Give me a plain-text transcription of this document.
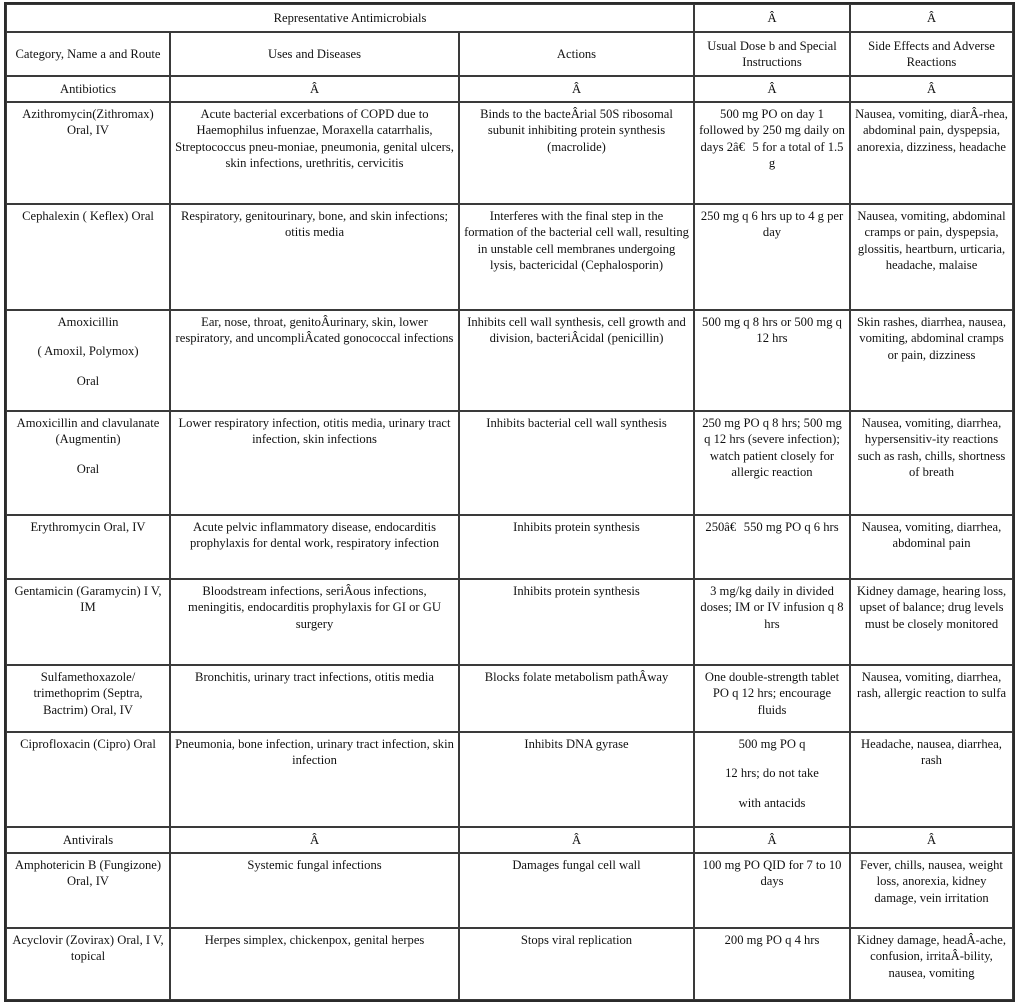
Representative Antimicrobials			Â	Â
Category, Name a and Route	Uses and Diseases	Actions	Usual Dose b and Special Instructions	Side Effects and Adverse Reactions
Antibiotics	Â	Â	Â	Â
Azithromycin(Zithromax) Oral, IV	Acute bacterial excerbations of COPD due to Haemophilus infuenzae, Moraxella catarrhalis, Streptococcus pneu-moniae, pneumonia, genital ulcers, skin infections, urethritis, cervicitis	Binds to the bacteÂrial 50S ribosomal subunit inhibiting protein synthesis (macrolide)	500 mg PO on day 1 followed by 250 mg daily on days 2â€5 for a total of 1.5 g	Nausea, vomiting, diarÂ-rhea, abdominal pain, dyspepsia, anorexia, dizziness, headache
Cephalexin ( Keflex) Oral	Respiratory, genitourinary, bone, and skin infections; otitis media	Interferes with the final step in the formation of the bacterial cell wall, resulting in unstable cell membranes undergoing lysis, bactericidal (Cephalosporin)	250 mg q 6 hrs up to 4 g per day	Nausea, vomiting, abdominal cramps or pain, dyspepsia, glossitis, heartburn, urticaria, headache, malaise

Amoxicillin

( Amoxil, Polymox)

Oral	Ear, nose, throat, genitoÂurinary, skin, lower respiratory, and uncompliÂcated gonococcal infections	Inhibits cell wall synthesis, cell growth and division, bacteriÂcidal (penicillin)	500 mg q 8 hrs or 500 mg q 12 hrs	Skin rashes, diarrhea, nausea, vomiting, abdominal cramps or pain, dizziness

Amoxicillin and clavulanate (Augmentin)

Oral	Lower respiratory infection, otitis media, urinary tract infection, skin infections	Inhibits bacterial cell wall synthesis	250 mg PO q 8 hrs; 500 mg q 12 hrs (severe infection); watch patient closely for allergic reaction	Nausea, vomiting, diarrhea, hypersensitiv-ity reactions such as rash, chills, shortness of breath
Erythromycin Oral, IV	Acute pelvic inflammatory disease, endocarditis prophylaxis for dental work, respiratory infection	Inhibits protein synthesis	250â€550 mg PO q 6 hrs	Nausea, vomiting, diarrhea, abdominal pain
Gentamicin (Garamycin) I V, IM	Bloodstream infections, seriÂous infections, meningitis, endocarditis prophylaxis for GI or GU surgery	Inhibits protein synthesis	3 mg/kg daily in divided doses; IM or IV infusion q 8 hrs	Kidney damage, hearing loss, upset of balance; drug levels must be closely monitored
Sulfamethoxazole/ trimethoprim (Septra, Bactrim) Oral, IV	Bronchitis, urinary tract infections, otitis media	Blocks folate metabolism pathÂway	One double-strength tablet PO q 12 hrs; encourage fluids	Nausea, vomiting, diarrhea, rash, allergic reaction to sulfa
Ciprofloxacin (Cipro) Oral	Pneumonia, bone infection, urinary tract infection, skin infection	Inhibits DNA gyrase	500 mg PO q

12 hrs; do not take

with antacids	Headache, nausea, diarrhea, rash
Antivirals	Â	Â	Â	Â
Amphotericin B (Fungizone) Oral, IV	Systemic fungal infections	Damages fungal cell wall	100 mg PO QID for 7 to 10 days	Fever, chills, nausea, weight loss, anorexia, kidney damage, vein irritation
Acyclovir (Zovirax) Oral, I V, topical	Herpes simplex, chickenpox, genital herpes	Stops viral replication	200 mg PO q 4 hrs	Kidney damage, headÂ-ache, confusion, irritaÂ-bility, nausea, vomiting
